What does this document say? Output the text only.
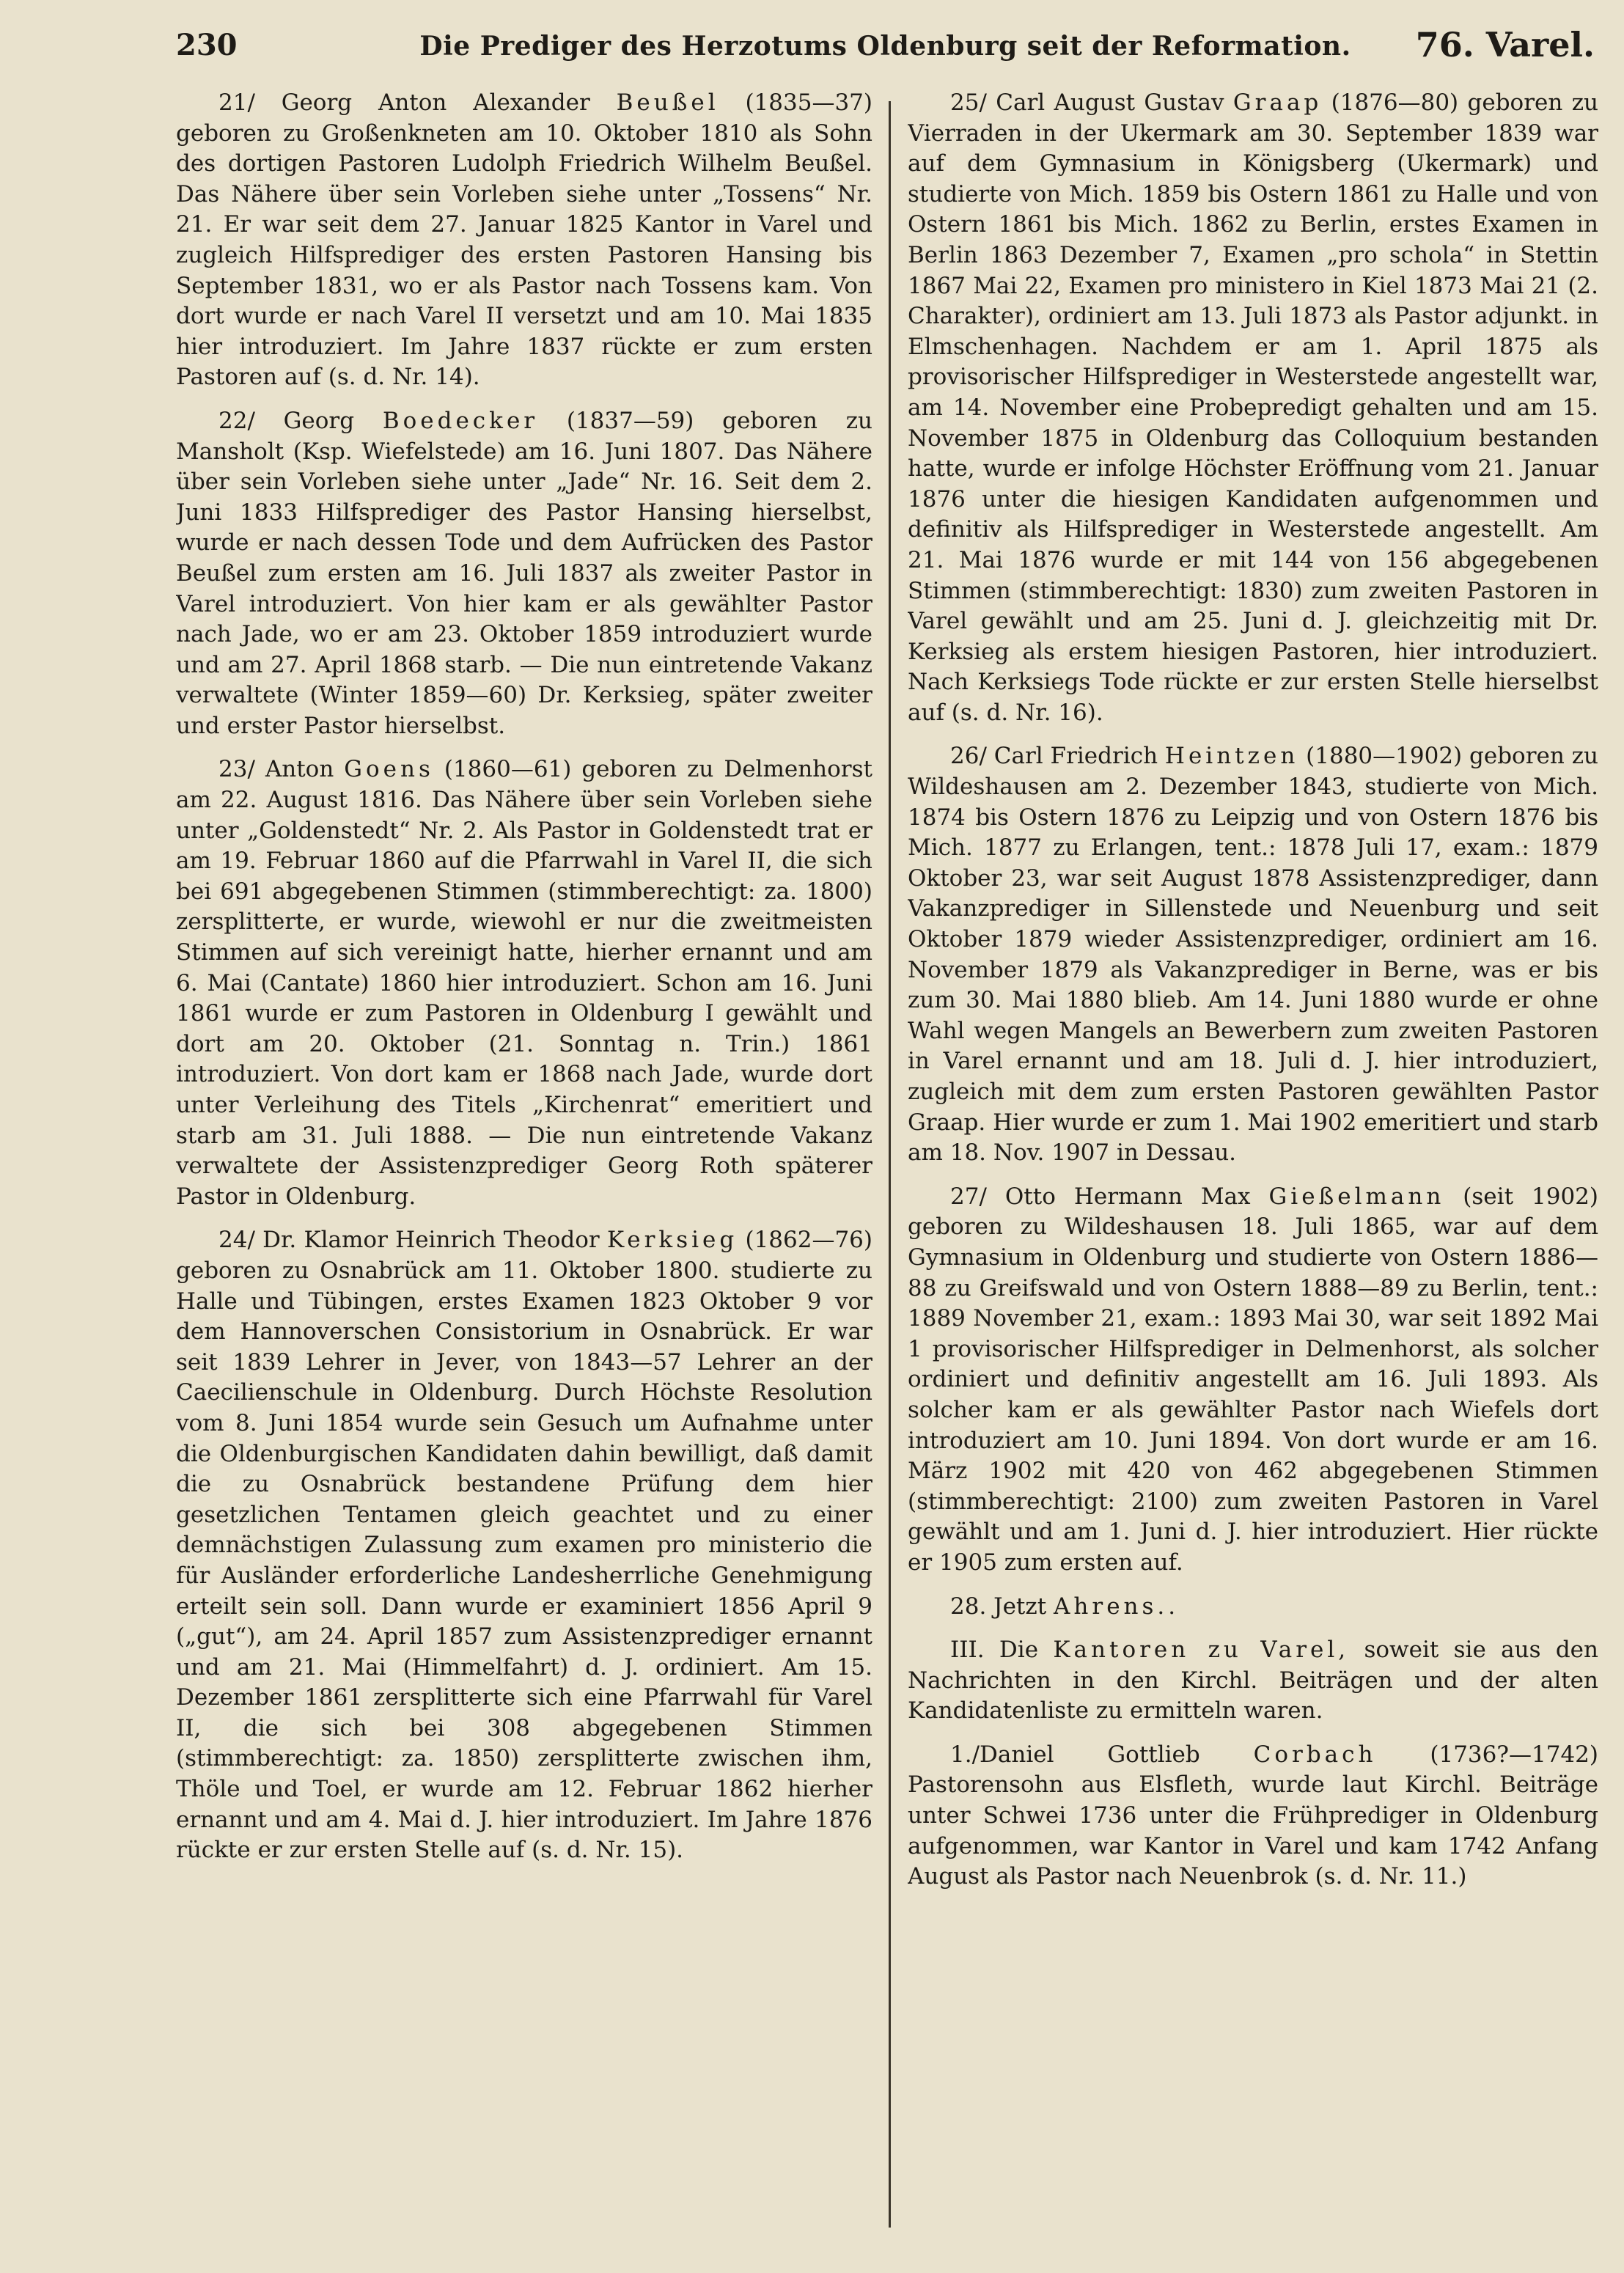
230	Die Prediger des Herzotums Oldenburg seit der Reformation.	76. Varel.

21/ Georg Anton Alexander Beußel (1835—37) geboren zu Großenkneten am 10. Oktober 1810 als Sohn des dortigen Pastoren Ludolph Friedrich Wilhelm Beußel. Das Nähere über sein Vorleben siehe unter „Tossens“ Nr. 21. Er war seit dem 27. Januar 1825 Kantor in Varel und zugleich Hilfsprediger des ersten Pastoren Hansing bis September 1831, wo er als Pastor nach Tossens kam. Von dort wurde er nach Varel II versetzt und am 10. Mai 1835 hier introduziert. Im Jahre 1837 rückte er zum ersten Pastoren auf (s. d. Nr. 14).

22/ Georg Boedecker (1837—59) geboren zu Mansholt (Ksp. Wiefelstede) am 16. Juni 1807. Das Nähere über sein Vorleben siehe unter „Jade“ Nr. 16. Seit dem 2. Juni 1833 Hilfsprediger des Pastor Hansing hierselbst, wurde er nach dessen Tode und dem Aufrücken des Pastor Beußel zum ersten am 16. Juli 1837 als zweiter Pastor in Varel introduziert. Von hier kam er als gewählter Pastor nach Jade, wo er am 23. Oktober 1859 introduziert wurde und am 27. April 1868 starb. — Die nun eintretende Vakanz verwaltete (Winter 1859—60) Dr. Kerksieg, später zweiter und erster Pastor hierselbst.

23/ Anton Goens (1860—61) geboren zu Delmenhorst am 22. August 1816. Das Nähere über sein Vorleben siehe unter „Goldenstedt“ Nr. 2. Als Pastor in Goldenstedt trat er am 19. Februar 1860 auf die Pfarrwahl in Varel II, die sich bei 691 abgegebenen Stimmen (stimmberechtigt: za. 1800) zersplitterte, er wurde, wiewohl er nur die zweitmeisten Stimmen auf sich vereinigt hatte, hierher ernannt und am 6. Mai (Cantate) 1860 hier introduziert. Schon am 16. Juni 1861 wurde er zum Pastoren in Oldenburg I gewählt und dort am 20. Oktober (21. Sonntag n. Trin.) 1861 introduziert. Von dort kam er 1868 nach Jade, wurde dort unter Verleihung des Titels „Kirchenrat“ emeritiert und starb am 31. Juli 1888. — Die nun eintretende Vakanz verwaltete der Assistenzprediger Georg Roth späterer Pastor in Oldenburg.

24/ Dr. Klamor Heinrich Theodor Kerksieg (1862—76) geboren zu Osnabrück am 11. Oktober 1800. studierte zu Halle und Tübingen, erstes Examen 1823 Oktober 9 vor dem Hannoverschen Consistorium in Osnabrück. Er war seit 1839 Lehrer in Jever, von 1843—57 Lehrer an der Caecilienschule in Oldenburg. Durch Höchste Resolution vom 8. Juni 1854 wurde sein Gesuch um Aufnahme unter die Oldenburgischen Kandidaten dahin bewilligt, daß damit die zu Osnabrück bestandene Prüfung dem hier gesetzlichen Tentamen gleich geachtet und zu einer demnächstigen Zulassung zum examen pro ministerio die für Ausländer erforderliche Landesherrliche Genehmigung erteilt sein soll. Dann wurde er examiniert 1856 April 9 („gut“), am 24. April 1857 zum Assistenzprediger ernannt und am 21. Mai (Himmelfahrt) d. J. ordiniert. Am 15. Dezember 1861 zersplitterte sich eine Pfarrwahl für Varel II, die sich bei 308 abgegebenen Stimmen (stimmberechtigt: za. 1850) zersplitterte zwischen ihm, Thöle und Toel, er wurde am 12. Februar 1862 hierher ernannt und am 4. Mai d. J. hier introduziert. Im Jahre 1876 rückte er zur ersten Stelle auf (s. d. Nr. 15).

25/ Carl August Gustav Graap (1876—80) geboren zu Vierraden in der Ukermark am 30. September 1839 war auf dem Gymnasium in Königsberg (Ukermark) und studierte von Mich. 1859 bis Ostern 1861 zu Halle und von Ostern 1861 bis Mich. 1862 zu Berlin, erstes Examen in Berlin 1863 Dezember 7, Examen „pro schola“ in Stettin 1867 Mai 22, Examen pro ministero in Kiel 1873 Mai 21 (2. Charakter), ordiniert am 13. Juli 1873 als Pastor adjunkt. in Elmschenhagen. Nachdem er am 1. April 1875 als provisorischer Hilfsprediger in Westerstede angestellt war, am 14. November eine Probepredigt gehalten und am 15. November 1875 in Oldenburg das Colloquium bestanden hatte, wurde er infolge Höchster Eröffnung vom 21. Januar 1876 unter die hiesigen Kandidaten aufgenommen und definitiv als Hilfsprediger in Westerstede angestellt. Am 21. Mai 1876 wurde er mit 144 von 156 abgegebenen Stimmen (stimmberechtigt: 1830) zum zweiten Pastoren in Varel gewählt und am 25. Juni d. J. gleichzeitig mit Dr. Kerksieg als erstem hiesigen Pastoren, hier introduziert. Nach Kerksiegs Tode rückte er zur ersten Stelle hierselbst auf (s. d. Nr. 16).

26/ Carl Friedrich Heintzen (1880—1902) geboren zu Wildeshausen am 2. Dezember 1843, studierte von Mich. 1874 bis Ostern 1876 zu Leipzig und von Ostern 1876 bis Mich. 1877 zu Erlangen, tent.: 1878 Juli 17, exam.: 1879 Oktober 23, war seit August 1878 Assistenzprediger, dann Vakanzprediger in Sillenstede und Neuenburg und seit Oktober 1879 wieder Assistenzprediger, ordiniert am 16. November 1879 als Vakanzprediger in Berne, was er bis zum 30. Mai 1880 blieb. Am 14. Juni 1880 wurde er ohne Wahl wegen Mangels an Bewerbern zum zweiten Pastoren in Varel ernannt und am 18. Juli d. J. hier introduziert, zugleich mit dem zum ersten Pastoren gewählten Pastor Graap. Hier wurde er zum 1. Mai 1902 emeritiert und starb am 18. Nov. 1907 in Dessau.

27/ Otto Hermann Max Gießelmann (seit 1902) geboren zu Wildeshausen 18. Juli 1865, war auf dem Gymnasium in Oldenburg und studierte von Ostern 1886—88 zu Greifswald und von Ostern 1888—89 zu Berlin, tent.: 1889 November 21, exam.: 1893 Mai 30, war seit 1892 Mai 1 provisorischer Hilfsprediger in Delmenhorst, als solcher ordiniert und definitiv angestellt am 16. Juli 1893. Als solcher kam er als gewählter Pastor nach Wiefels dort introduziert am 10. Juni 1894. Von dort wurde er am 16. März 1902 mit 420 von 462 abgegebenen Stimmen (stimmberechtigt: 2100) zum zweiten Pastoren in Varel gewählt und am 1. Juni d. J. hier introduziert. Hier rückte er 1905 zum ersten auf.

28. Jetzt Ahrens..

III. Die Kantoren zu Varel, soweit sie aus den Nachrichten in den Kirchl. Beiträgen und der alten Kandidatenliste zu ermitteln waren.

1./Daniel Gottlieb Corbach (1736?—1742) Pastorensohn aus Elsfleth, wurde laut Kirchl. Beiträge unter Schwei 1736 unter die Frühprediger in Oldenburg aufgenommen, war Kantor in Varel und kam 1742 Anfang August als Pastor nach Neuenbrok (s. d. Nr. 11.)
